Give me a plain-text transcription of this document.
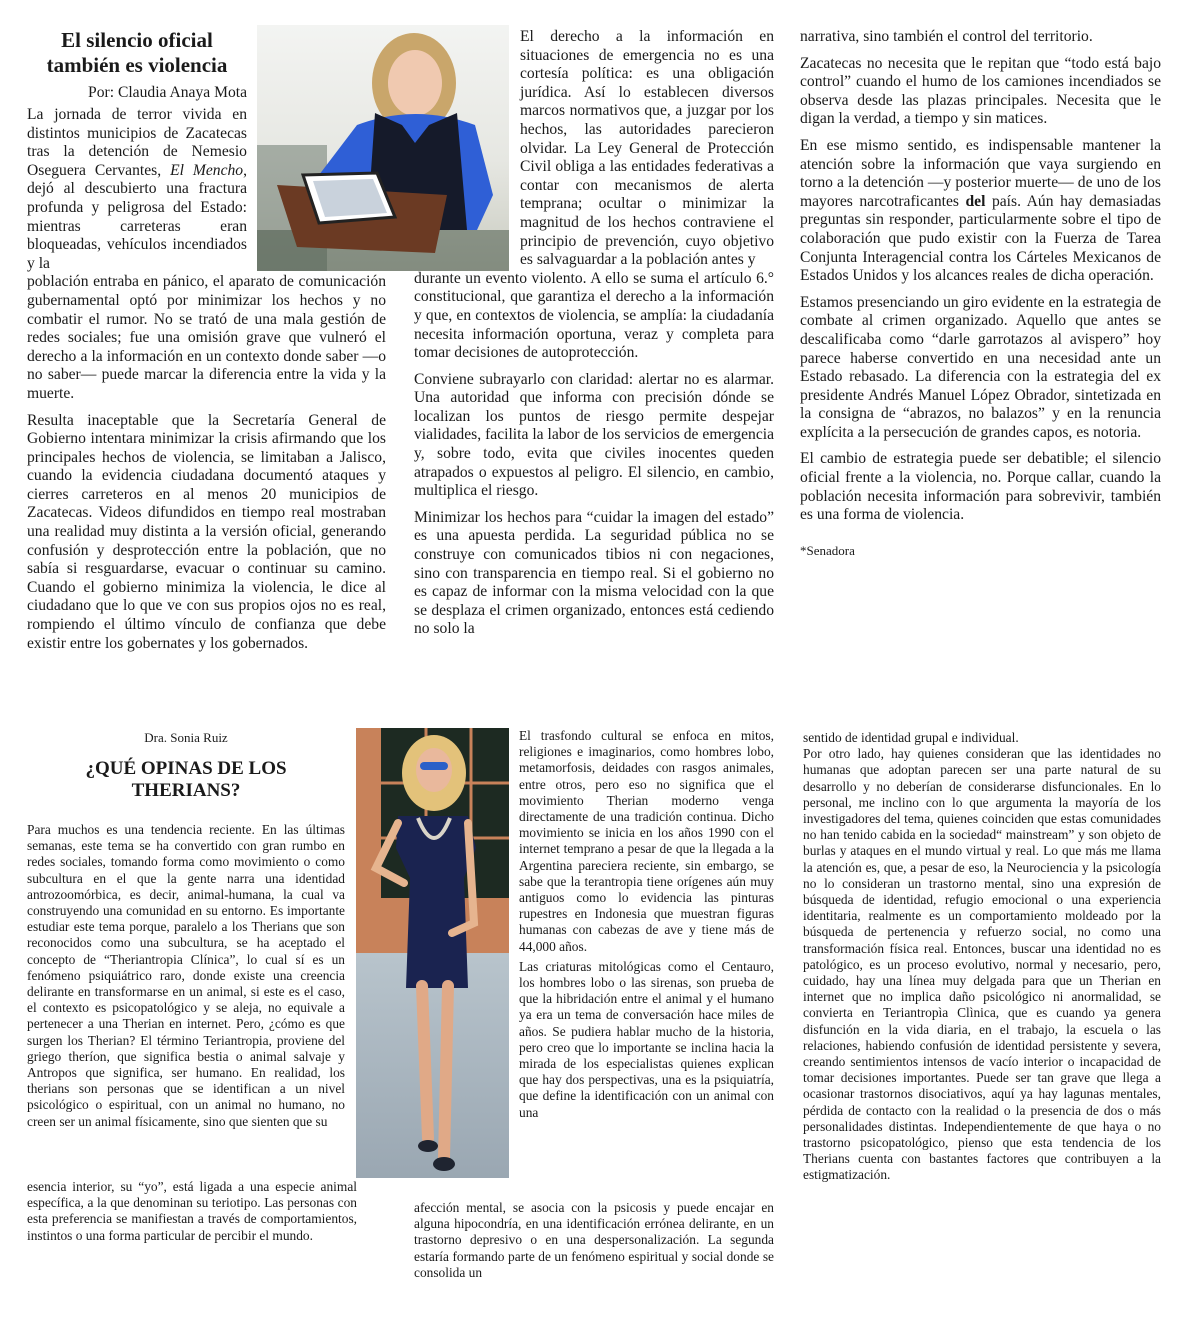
El silencio oficial
también es violencia
Por: Claudia Anaya Mota

La jornada de terror vivida en distintos municipios de Zacatecas tras la detención de Nemesio Oseguera Cervantes, El Mencho, dejó al descubierto una fractura profunda y peligrosa del Estado: mientras carreteras eran bloqueadas, vehículos incendiados y la

población entraba en pánico, el aparato de comunicación gubernamental optó por minimizar los hechos y no combatir el rumor. No se trató de una mala gestión de redes sociales; fue una omisión grave que vulneró el derecho a la información en un contexto donde saber —o no saber— puede marcar la diferencia entre la vida y la muerte.

Resulta inaceptable que la Secretaría General de Gobierno intentara minimizar la crisis afirmando que los principales hechos de violencia, se limitaban a Jalisco, cuando la evidencia ciudadana documentó ataques y cierres carreteros en al menos 20 municipios de Zacatecas. Videos difundidos en tiempo real mostraban una realidad muy distinta a la versión oficial, generando confusión y desprotección entre la población, que no sabía si resguardarse, evacuar o continuar su camino. Cuando el gobierno minimiza la violencia, le dice al ciudadano que lo que ve con sus propios ojos no es real, rompiendo el último vínculo de confianza que debe existir entre los gobernates y los gobernados.

El derecho a la información en situaciones de emergencia no es una cortesía política: es una obligación jurídica. Así lo establecen diversos marcos normativos que, a juzgar por los hechos, las autoridades parecieron olvidar. La Ley General de Protección Civil obliga a las entidades federativas a contar con mecanismos de alerta temprana; ocultar o minimizar la magnitud de los hechos contraviene el principio de prevención, cuyo objetivo es salvaguardar a la población antes y

durante un evento violento. A ello se suma el artículo 6.° constitucional, que garantiza el derecho a la información y que, en contextos de violencia, se amplía: la ciudadanía necesita información oportuna, veraz y completa para tomar decisiones de autoprotección.

Conviene subrayarlo con claridad: alertar no es alarmar. Una autoridad que informa con precisión dónde se localizan los puntos de riesgo permite despejar vialidades, facilita la labor de los servicios de emergencia y, sobre todo, evita que civiles inocentes queden atrapados o expuestos al peligro. El silencio, en cambio, multiplica el riesgo.

Minimizar los hechos para “cuidar la imagen del estado” es una apuesta perdida. La seguridad pública no se construye con comunicados tibios ni con negaciones, sino con transparencia en tiempo real. Si el gobierno no es capaz de informar con la misma velocidad con la que se desplaza el crimen organizado, entonces está cediendo no solo la

narrativa, sino también el control del territorio.

Zacatecas no necesita que le repitan que “todo está bajo control” cuando el humo de los camiones incendiados se observa desde las plazas principales. Necesita que le digan la verdad, a tiempo y sin matices.

En ese mismo sentido, es indispensable mantener la atención sobre la información que vaya surgiendo en torno a la detención —y posterior muerte— de uno de los mayores narcotraficantes del país. Aún hay demasiadas preguntas sin responder, particularmente sobre el tipo de colaboración que pudo existir con la Fuerza de Tarea Conjunta Interagencial contra los Cárteles Mexicanos de Estados Unidos y los alcances reales de dicha operación.

Estamos presenciando un giro evidente en la estrategia de combate al crimen organizado. Aquello que antes se descalificaba como “darle garrotazos al avispero” hoy parece haberse convertido en una necesidad ante un Estado rebasado. La diferencia con la estrategia del ex presidente Andrés Manuel López Obrador, sintetizada en la consigna de “abrazos, no balazos” y en la renuncia explícita a la persecución de grandes capos, es notoria.

El cambio de estrategia puede ser debatible; el silencio oficial frente a la violencia, no. Porque callar, cuando la población necesita información para sobrevivir, también es una forma de violencia.

*Senadora
Dra. Sonia Ruiz
¿QUÉ OPINAS DE LOS
THERIANS?

Para muchos es una tendencia reciente. En las últimas semanas, este tema se ha convertido con gran rumbo en redes sociales, tomando forma como movimiento o como subcultura en el que la gente narra una identidad antrozoomórbica, es decir, animal-humana, la cual va construyendo una comunidad en su entorno. Es importante estudiar este tema porque, paralelo a los Therians que son reconocidos como una subcultura, se ha aceptado el concepto de “Theriantropia Clínica”, lo cual sí es un fenómeno psiquiátrico raro, donde existe una creencia delirante en transformarse en un animal, si este es el caso, el contexto es psicopatológico y se aleja, no equivale a pertenecer a una Therian en internet. Pero, ¿cómo es que surgen los Therian? El término Teriantropia, proviene del griego theríon, que significa bestia o animal salvaje y Antropos que significa, ser humano. En realidad, los therians son personas que se identifican a un nivel psicológico o espiritual, con un animal no humano, no creen ser un animal físicamente, sino que sienten que su

esencia interior, su “yo”, está ligada a una especie animal específica, a la que denominan su teriotipo. Las personas con esta preferencia se manifiestan a través de comportamientos, instintos o una forma particular de percibir el mundo.

El trasfondo cultural se enfoca en mitos, religiones e imaginarios, como hombres lobo, metamorfosis, deidades con rasgos animales, entre otros, pero eso no significa que el movimiento Therian moderno venga directamente de una tradición continua. Dicho movimiento se inicia en los años 1990 con el internet temprano a pesar de que la llegada a la Argentina pareciera reciente, sin embargo, se sabe que la terantropia tiene orígenes aún muy antiguos como lo evidencia las pinturas rupestres en Indonesia que muestran figuras humanas con cabezas de ave y tiene más de 44,000 años.

Las criaturas mitológicas como el Centauro, los hombres lobo o las sirenas, son prueba de que la hibridación entre el animal y el humano ya era un tema de conversación hace miles de años. Se pudiera hablar mucho de la historia, pero creo que lo importante se inclina hacia la mirada de los especialistas quienes explican que hay dos perspectivas, una es la psiquiatría, que define la identificación con un animal con una

afección mental, se asocia con la psicosis y puede encajar en alguna hipocondría, en una identificación errónea delirante, en un trastorno depresivo o en una despersonalización. La segunda estaría formando parte de un fenómeno espiritual y social donde se consolida un

sentido de identidad grupal e individual.

Por otro lado, hay quienes consideran que las identidades no humanas que adoptan parecen ser una parte natural de su desarrollo y no deberían de considerarse disfuncionales. En lo personal, me inclino con lo que argumenta la mayoría de los investigadores del tema, quienes coinciden que estas comunidades no han tenido cabida en la sociedad“ mainstream” y son objeto de burlas y ataques en el mundo virtual y real. Lo que más me llama la atención es, que, a pesar de eso, la Neurociencia y la psicología no lo consideran un trastorno mental, sino una expresión de búsqueda de identidad, refugio emocional o una experiencia identitaria, realmente es un comportamiento moldeado por la búsqueda de pertenencia y refuerzo social, no como una transformación física real. Entonces, buscar una identidad no es patológico, es un proceso evolutivo, normal y necesario, pero, cuidado, hay una línea muy delgada para que un Therian en internet que no implica daño psicológico ni anormalidad, se convierta en Teriantropìa Clìnica, que es cuando ya genera disfunción en la vida diaria, en el trabajo, la escuela o las relaciones, habiendo confusión de identidad persistente y severa, creando sentimientos intensos de vacío interior o incapacidad de tomar decisiones importantes. Puede ser tan grave que llega a ocasionar trastornos disociativos, aquí ya hay lagunas mentales, pérdida de contacto con la realidad o la presencia de dos o más personalidades distintas. Independientemente de que haya o no trastorno psicopatológico, pienso que esta tendencia de los Therians cuenta con bastantes factores que contribuyen a la estigmatización.
